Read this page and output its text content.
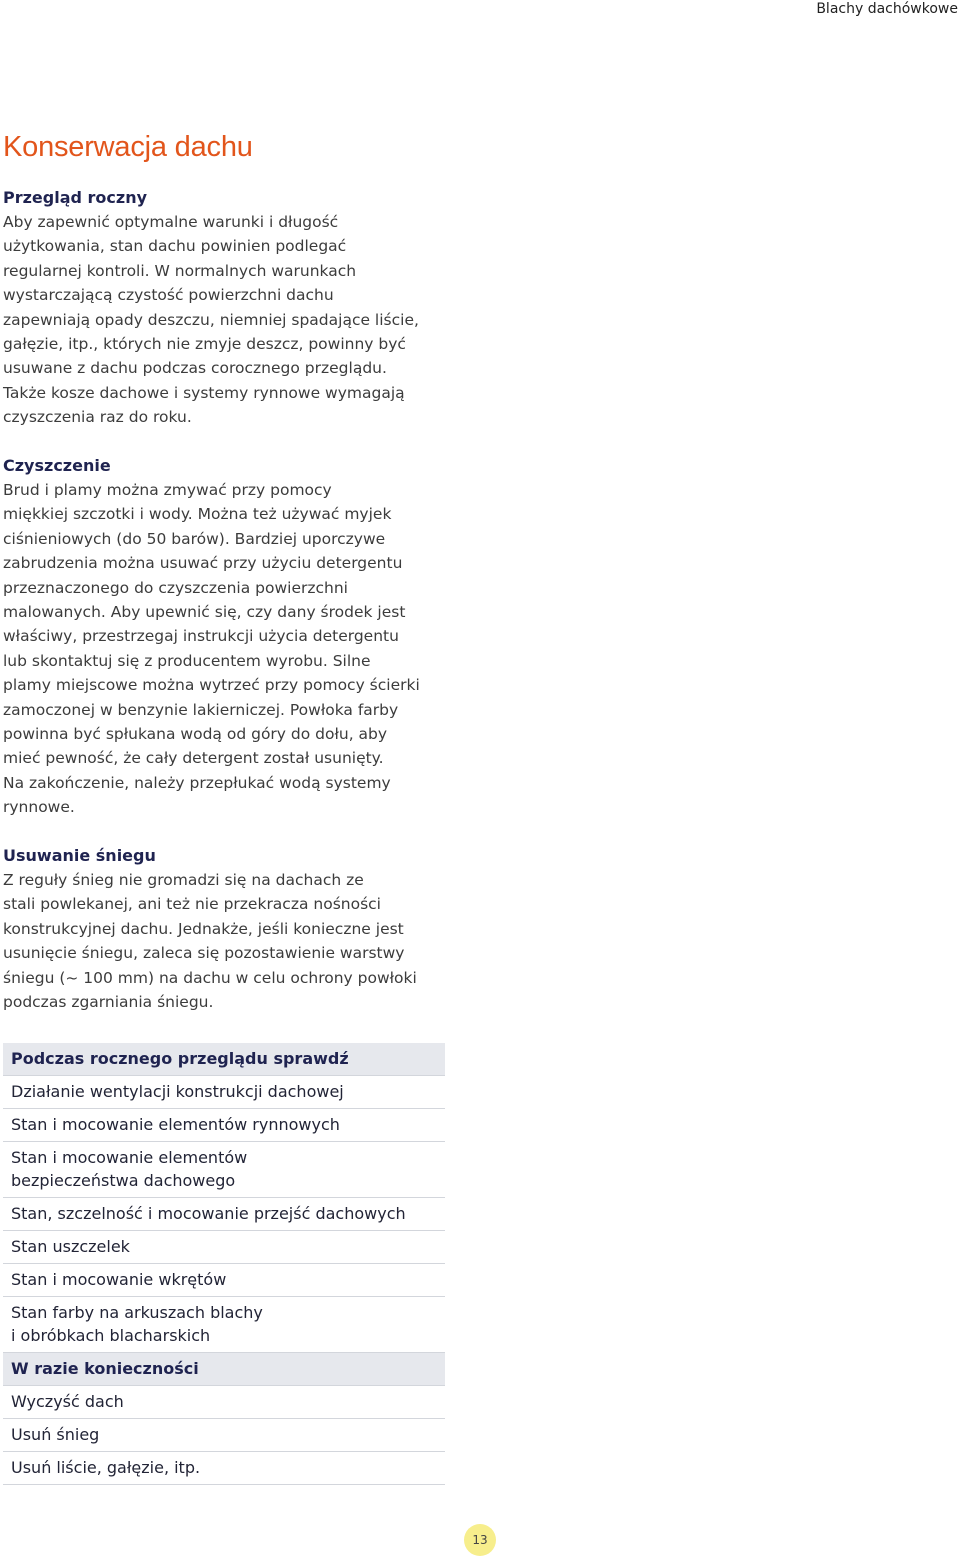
Blachy dachówkowe
Konserwacja dachu
Przegląd roczny

Aby zapewnić optymalne warunki i długość
użytkowania, stan dachu powinien podlegać
regularnej kontroli. W normalnych warunkach
wystarczającą czystość powierzchni dachu
zapewniają opady deszczu, niemniej spadające liście,
gałęzie, itp., których nie zmyje deszcz, powinny być
usuwane z dachu podczas corocznego przeglądu.
Także kosze dachowe i systemy rynnowe wymagają
czyszczenia raz do roku.

Czyszczenie

Brud i plamy można zmywać przy pomocy
miękkiej szczotki i wody. Można też używać myjek
ciśnieniowych (do 50 barów). Bardziej uporczywe
zabrudzenia można usuwać przy użyciu detergentu
przeznaczonego do czyszczenia powierzchni
malowanych. Aby upewnić się, czy dany środek jest
właściwy, przestrzegaj instrukcji użycia detergentu
lub skontaktuj się z producentem wyrobu. Silne
plamy miejscowe można wytrzeć przy pomocy ścierki
zamoczonej w benzynie lakierniczej. Powłoka farby
powinna być spłukana wodą od góry do dołu, aby
mieć pewność, że cały detergent został usunięty.
Na zakończenie, należy przepłukać wodą systemy
rynnowe.

Usuwanie śniegu

Z reguły śnieg nie gromadzi się na dachach ze
stali powlekanej, ani też nie przekracza nośności
konstrukcyjnej dachu. Jednakże, jeśli konieczne jest
usunięcie śniegu, zaleca się pozostawienie warstwy
śniegu (~ 100 mm) na dachu w celu ochrony powłoki
podczas zgarniania śniegu.

Podczas rocznego przeglądu sprawdź
Działanie wentylacji konstrukcji dachowej
Stan i mocowanie elementów rynnowych
Stan i mocowanie elementów
bezpieczeństwa dachowego
Stan, szczelność i mocowanie przejść dachowych
Stan uszczelek
Stan i mocowanie wkrętów
Stan farby na arkuszach blachy
i obróbkach blacharskich
W razie konieczności
Wyczyść dach
Usuń śnieg
Usuń liście, gałęzie, itp.
13
